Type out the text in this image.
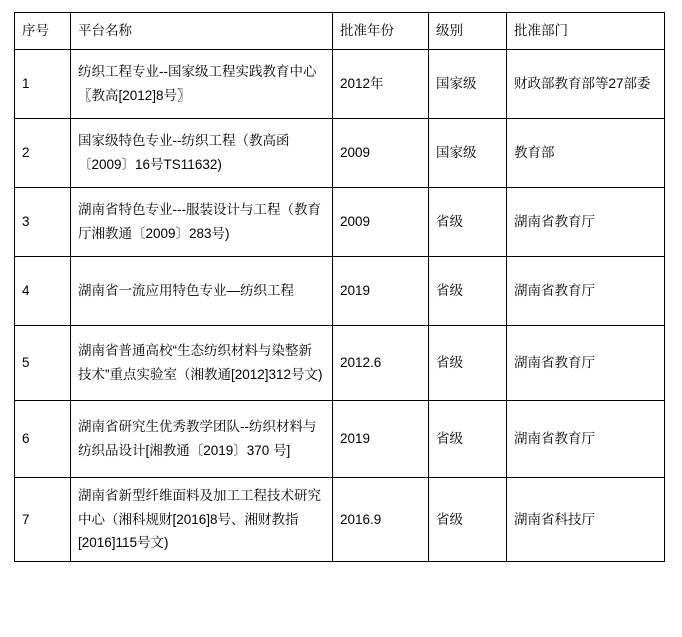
序号	平台名称	批准年份	级别	批准部门
1	纺织工程专业--国家级工程实践教育中心〖教高[2012]8号〗	2012年	国家级	财政部教育部等27部委
2	国家级特色专业--纺织工程（教高函〔2009〕16号TS11632)	2009	国家级	教育部
3	湖南省特色专业---服装设计与工程（教育厅湘教通〔2009〕283号)	2009	省级	湖南省教育厅
4	湖南省一流应用特色专业—纺织工程	2019	省级	湖南省教育厅
5	湖南省普通高校“生态纺织材料与染整新技术”重点实验室（湘教通[2012]312号文)	2012.6	省级	湖南省教育厅
6	湖南省研究生优秀教学团队--纺织材料与纺织品设计[湘教通〔2019〕370 号]	2019	省级	湖南省教育厅
7	湖南省新型纤维面料及加工工程技术研究中心（湘科规财[2016]8号、湘财教指[2016]115号文)	2016.9	省级	湖南省科技厅
